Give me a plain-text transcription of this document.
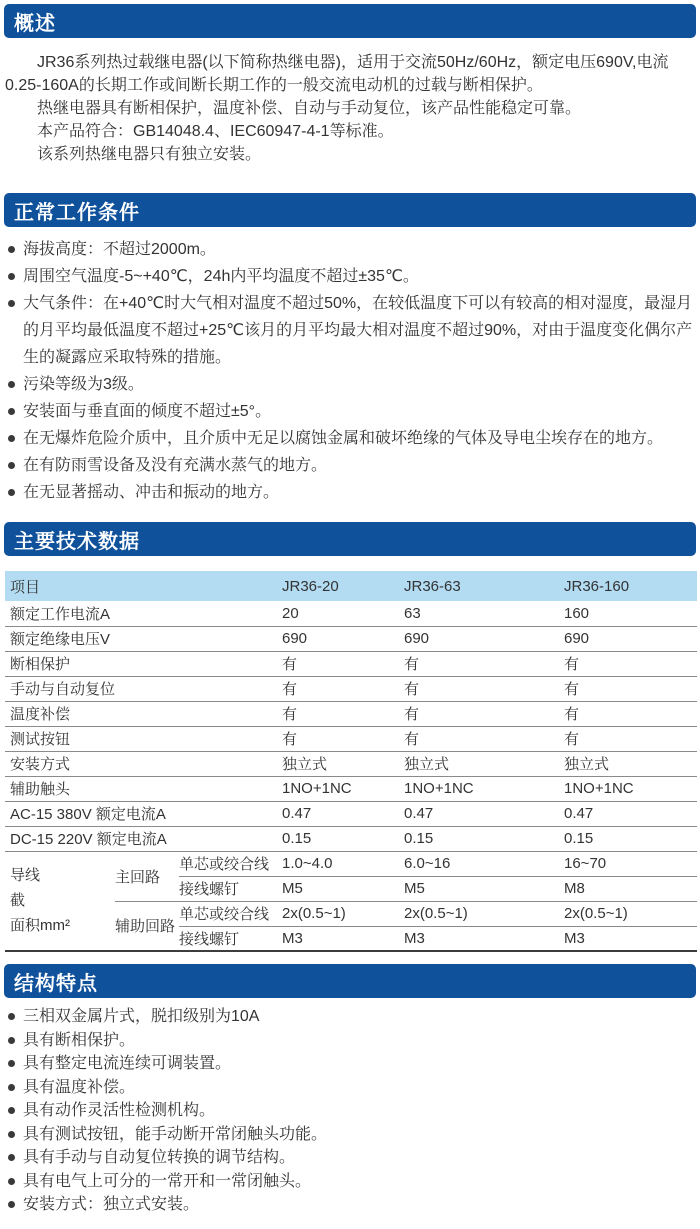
概述

JR36系列热过载继电器(以下简称热继电器)，适用于交流50Hz/60Hz，额定电压690V,电流0.25-160A的长期工作或间断长期工作的一般交流电动机的过载与断相保护。

热继电器具有断相保护，温度补偿、自动与手动复位，该产品性能稳定可靠。

本产品符合：GB14048.4、IEC60947-4-1等标准。

该系列热继电器只有独立安装。

正常工作条件
海拔高度：不超过2000m。
周围空气温度-5~+40℃，24h内平均温度不超过±35℃。
大气条件：在+40℃时大气相对温度不超过50%，在较低温度下可以有较高的相对湿度，最湿月的月平均最低温度不超过+25℃该月的月平均最大相对温度不超过90%，对由于温度变化偶尔产生的凝露应采取特殊的措施。
污染等级为3级。
安装面与垂直面的倾度不超过±5°。
在无爆炸危险介质中，且介质中无足以腐蚀金属和破坏绝缘的气体及导电尘埃存在的地方。
在有防雨雪设备及没有充满水蒸气的地方。
在无显著摇动、冲击和振动的地方。
主要技术数据
项目			JR36-20	JR36-63	JR36-160
额定工作电流A			20	63	160
额定绝缘电压V			690	690	690
断相保护			有	有	有
手动与自动复位			有	有	有
温度补偿			有	有	有
测试按钮			有	有	有
安装方式			独立式	独立式	独立式
辅助触头			1NO+1NC	1NO+1NC	1NO+1NC
AC-15 380V 额定电流A			0.47	0.47	0.47
DC-15 220V 额定电流A			0.15	0.15	0.15

导线
截
面积mm²	主回路	单芯或绞合线	1.0~4.0	6.0~16	16~70
		接线螺钉	M5	M5	M8
	辅助回路	单芯或绞合线	2x(0.5~1)	2x(0.5~1)	2x(0.5~1)
		接线螺钉	M3	M3	M3
结构特点
三相双金属片式，脱扣级别为10A
具有断相保护。
具有整定电流连续可调装置。
具有温度补偿。
具有动作灵活性检测机构。
具有测试按钮，能手动断开常闭触头功能。
具有手动与自动复位转换的调节结构。
具有电气上可分的一常开和一常闭触头。
安装方式：独立式安装。
